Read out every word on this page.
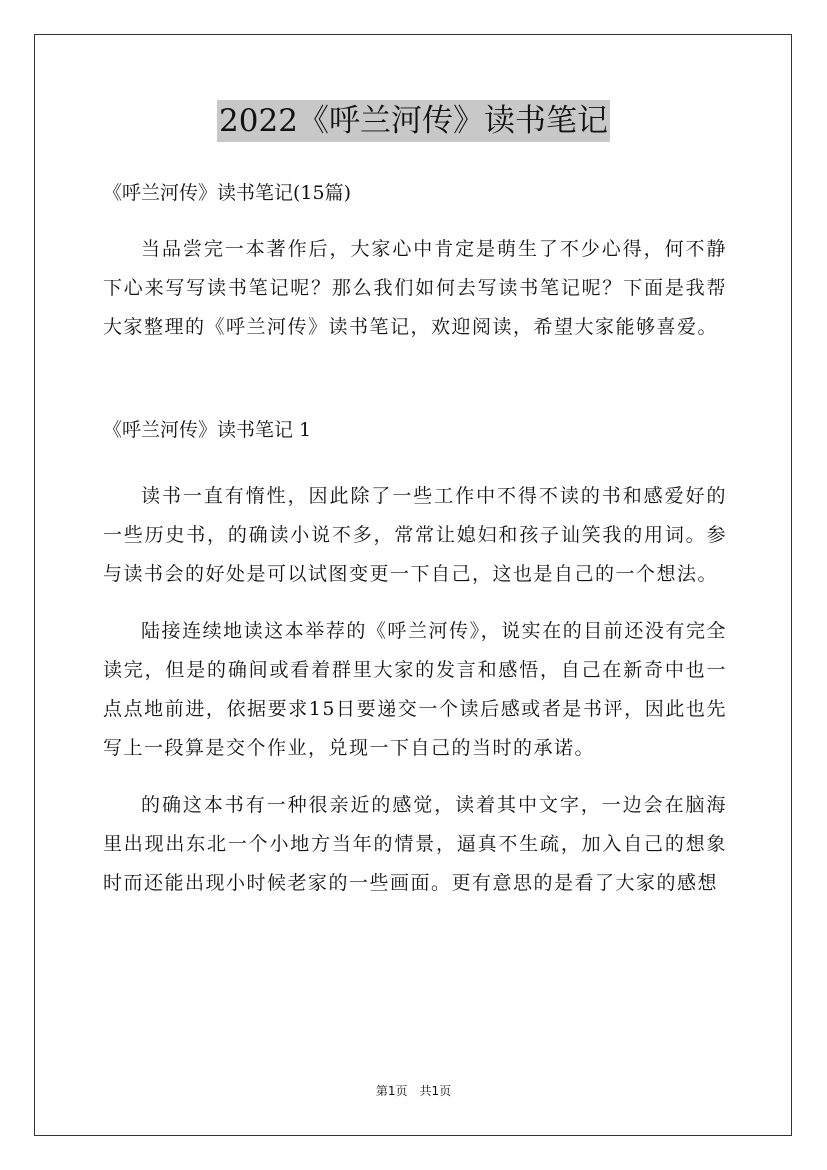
2022《呼兰河传》读书笔记

《呼兰河传》读书笔记(15篇)

当品尝完一本著作后，大家心中肯定是萌生了不少心得，何不静下心来写写读书笔记呢？那么我们如何去写读书笔记呢？下面是我帮大家整理的《呼兰河传》读书笔记，欢迎阅读，希望大家能够喜爱。

《呼兰河传》读书笔记 1

读书一直有惰性，因此除了一些工作中不得不读的书和感爱好的一些历史书，的确读小说不多，常常让媳妇和孩子讪笑我的用词。参与读书会的好处是可以试图变更一下自己，这也是自己的一个想法。

陆接连续地读这本举荐的《呼兰河传》，说实在的目前还没有完全读完，但是的确间或看着群里大家的发言和感悟，自己在新奇中也一点点地前进，依据要求15日要递交一个读后感或者是书评，因此也先写上一段算是交个作业，兑现一下自己的当时的承诺。

的确这本书有一种很亲近的感觉，读着其中文字，一边会在脑海里出现出东北一个小地方当年的情景，逼真不生疏，加入自己的想象时而还能出现小时候老家的一些画面。更有意思的是看了大家的感想

第1页　共1页
